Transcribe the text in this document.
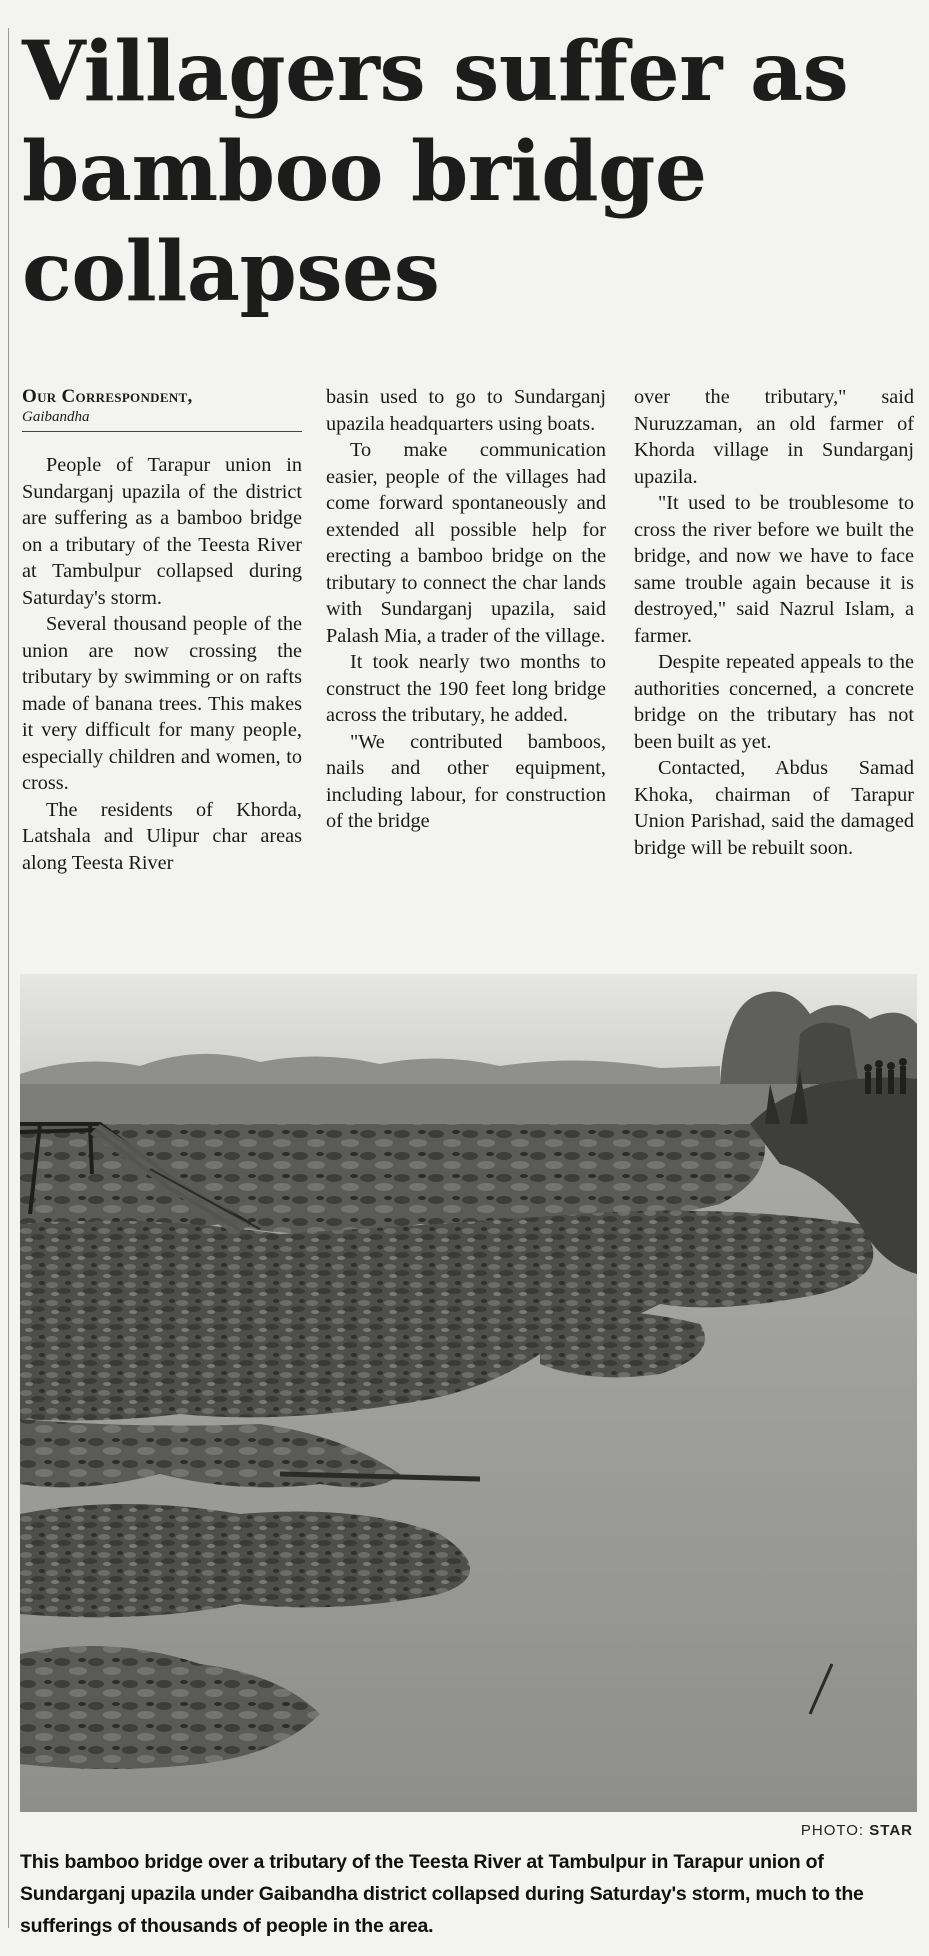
Villagers suffer as bamboo bridge collapses
Our Correspondent,
Gaibandha

People of Tarapur union in Sundarganj upazila of the district are suffering as a bamboo bridge on a tributary of the Teesta River at Tambulpur collapsed during Saturday's storm.

Several thousand people of the union are now crossing the tributary by swimming or on rafts made of banana trees. This makes it very difficult for many people, especially children and women, to cross.

The residents of Khorda, Latshala and Ulipur char areas along Teesta River

basin used to go to Sundarganj upazila headquarters using boats.

To make communication easier, people of the villages had come forward spontaneously and extended all possible help for erecting a bamboo bridge on the tributary to connect the char lands with Sundarganj upazila, said Palash Mia, a trader of the village.

It took nearly two months to construct the 190 feet long bridge across the tributary, he added.

"We contributed bamboos, nails and other equipment, including labour, for construction of the bridge

over the tributary," said Nuruzzaman, an old farmer of Khorda village in Sundarganj upazila.

"It used to be troublesome to cross the river before we built the bridge, and now we have to face same trouble again because it is destroyed," said Nazrul Islam, a farmer.

Despite repeated appeals to the authorities concerned, a concrete bridge on the tributary has not been built as yet.

Contacted, Abdus Samad Khoka, chairman of Tarapur Union Parishad, said the damaged bridge will be rebuilt soon.

PHOTO: STAR

This bamboo bridge over a tributary of the Teesta River at Tambulpur in Tarapur union of Sundarganj upazila under Gaibandha district collapsed during Saturday's storm, much to the sufferings of thousands of people in the area.
